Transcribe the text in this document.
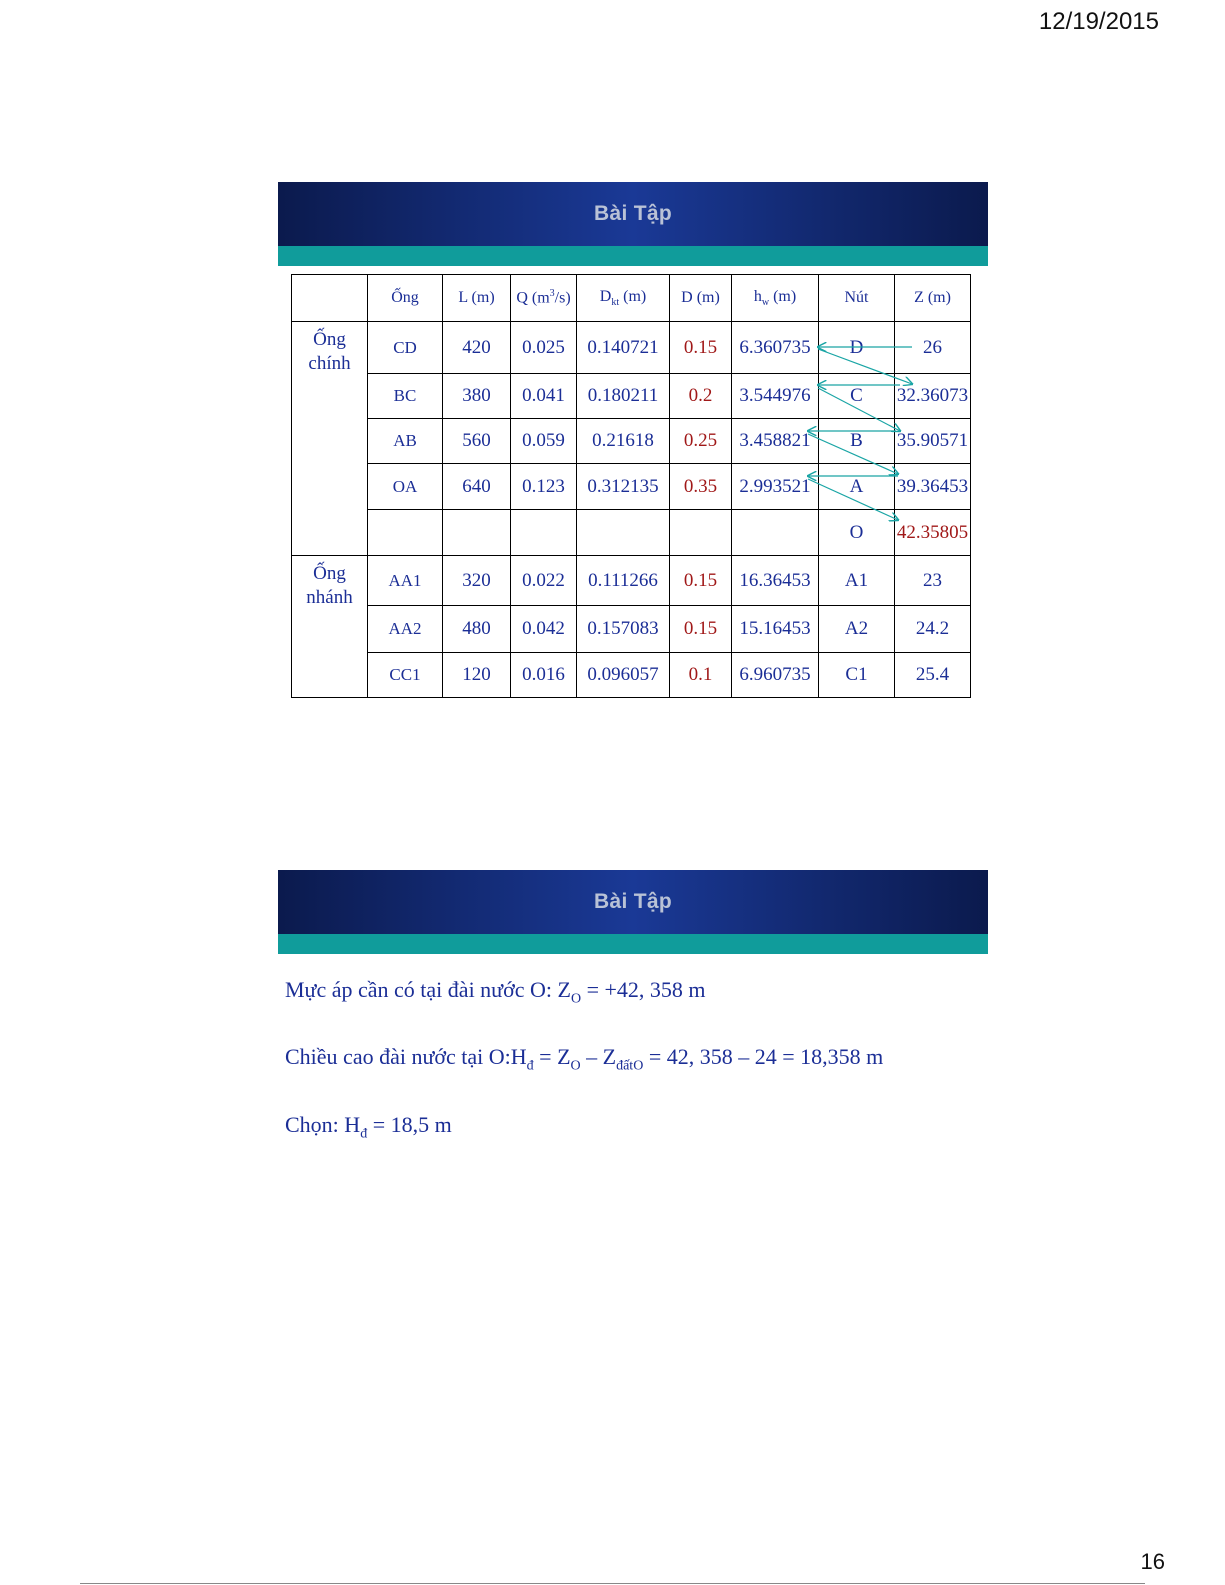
12/19/2015
Bài Tập
	Ống	L (m)	Q $(m^3/s)$	$D_{kt}$ (m)	D (m)	$h_w$ (m)	Nút	Z (m)
Ống chính	CD	420	0.025	0.140721	0.15	6.360735	D	26
	BC	380	0.041	0.180211	0.2	3.544976	C	32.36073
	AB	560	0.059	0.21618	0.25	3.458821	B	35.90571
	OA	640	0.123	0.312135	0.35	2.993521	A	39.36453
							O	42.35805
Ống nhánh	AA1	320	0.022	0.111266	0.15	16.36453	A1	23
	AA2	480	0.042	0.157083	0.15	15.16453	A2	24.2
	CC1	120	0.016	0.096057	0.1	6.960735	C1	25.4
Bài Tập

Mực áp cần có tại đài nước O: $Z_O = +42$, 358 m

Chiều cao đài nước tại $O:H_đ = Z_O - Z_{đấtO} = 42$, 358 – 24 = 18,358 m

Chọn: $H_đ = 18,5$ m

16
